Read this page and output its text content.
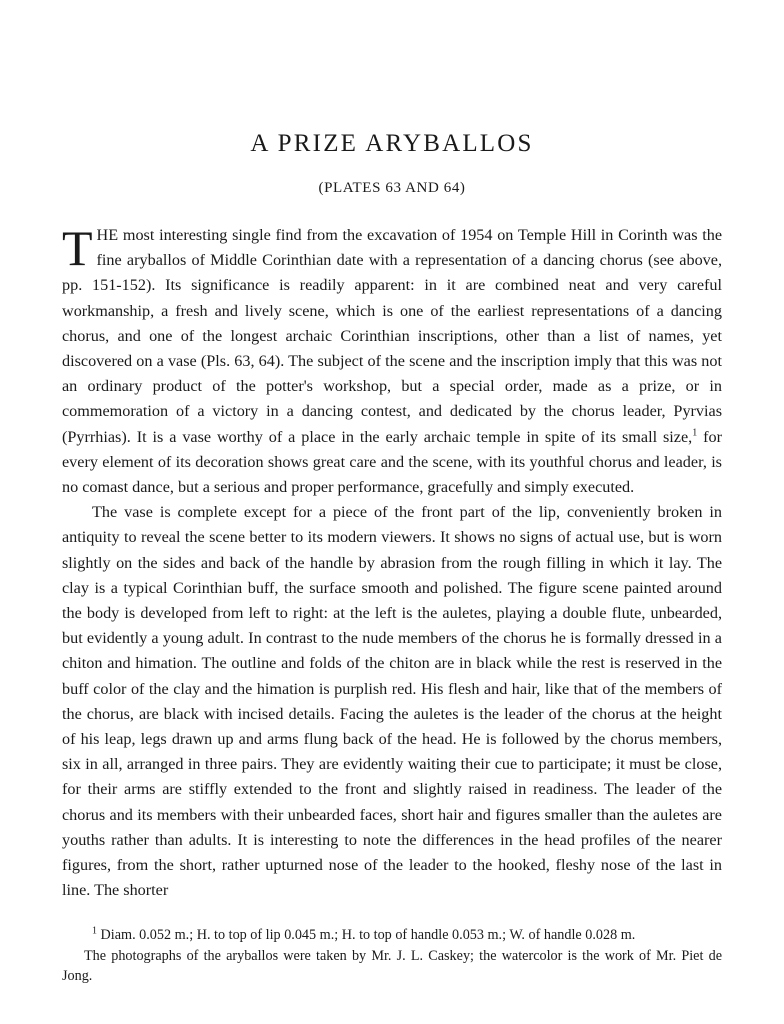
A PRIZE ARYBALLOS
(PLATES 63 AND 64)

THE most interesting single find from the excavation of 1954 on Temple Hill in Corinth was the fine aryballos of Middle Corinthian date with a representation of a dancing chorus (see above, pp. 151-152). Its significance is readily apparent: in it are combined neat and very careful workmanship, a fresh and lively scene, which is one of the earliest representations of a dancing chorus, and one of the longest archaic Corinthian inscriptions, other than a list of names, yet discovered on a vase (Pls. 63, 64). The subject of the scene and the inscription imply that this was not an ordinary product of the potter's workshop, but a special order, made as a prize, or in commemoration of a victory in a dancing contest, and dedicated by the chorus leader, Pyrvias (Pyrrhias). It is a vase worthy of a place in the early archaic temple in spite of its small size,$^1$ for every element of its decoration shows great care and the scene, with its youthful chorus and leader, is no comast dance, but a serious and proper performance, gracefully and simply executed.

The vase is complete except for a piece of the front part of the lip, conveniently broken in antiquity to reveal the scene better to its modern viewers. It shows no signs of actual use, but is worn slightly on the sides and back of the handle by abrasion from the rough filling in which it lay. The clay is a typical Corinthian buff, the surface smooth and polished. The figure scene painted around the body is developed from left to right: at the left is the auletes, playing a double flute, unbearded, but evidently a young adult. In contrast to the nude members of the chorus he is formally dressed in a chiton and himation. The outline and folds of the chiton are in black while the rest is reserved in the buff color of the clay and the himation is purplish red. His flesh and hair, like that of the members of the chorus, are black with incised details. Facing the auletes is the leader of the chorus at the height of his leap, legs drawn up and arms flung back of the head. He is followed by the chorus members, six in all, arranged in three pairs. They are evidently waiting their cue to participate; it must be close, for their arms are stiffly extended to the front and slightly raised in readiness. The leader of the chorus and its members with their unbearded faces, short hair and figures smaller than the auletes are youths rather than adults. It is interesting to note the differences in the head profiles of the nearer figures, from the short, rather upturned nose of the leader to the hooked, fleshy nose of the last in line. The shorter

$^1$ Diam. 0.052 m.; H. to top of lip 0.045 m.; H. to top of handle 0.053 m.; W. of handle 0.028 m.
The photographs of the aryballos were taken by Mr. J. L. Caskey; the watercolor is the work of Mr. Piet de Jong.
